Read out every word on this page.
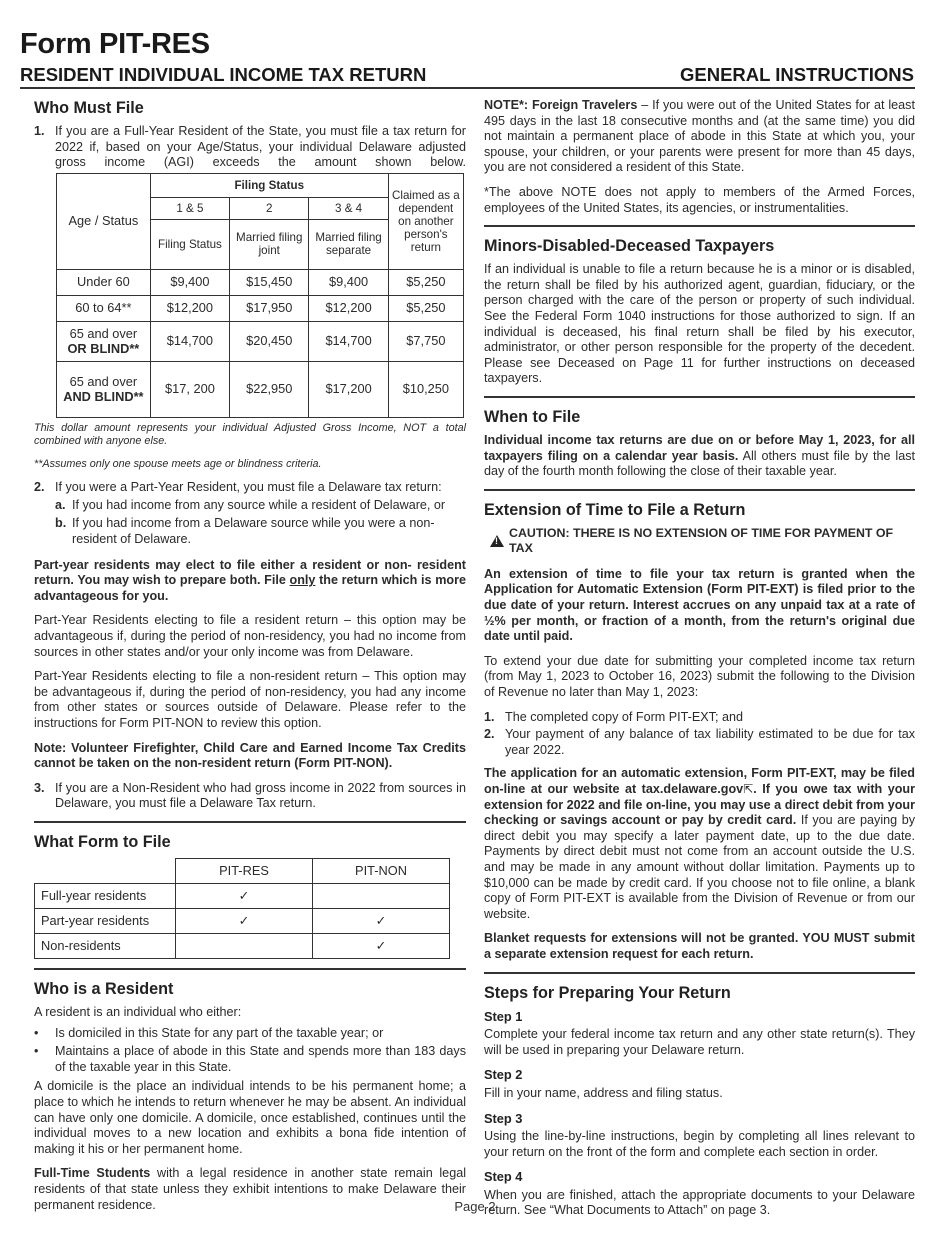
Form PIT-RES
RESIDENT INDIVIDUAL INCOME TAX RETURN	GENERAL INSTRUCTIONS
Who Must File
1. If you are a Full-Year Resident of the State, you must file a tax return for 2022 if, based on your Age/Status, your individual Delaware adjusted gross income (AGI) exceeds the amount shown below.
Age / Status	Filing Status			Claimed as a dependent on another person's return
	1 & 5	2	3 & 4	
	Filing Status	Married filing joint	Married filing separate	
Under 60	$9,400	$15,450	$9,400	$5,250
60 to 64**	$12,200	$17,950	$12,200	$5,250
65 and over
OR BLIND**	$14,700	$20,450	$14,700	$7,750
65 and over
AND BLIND**	$17, 200	$22,950	$17,200	$10,250

This dollar amount represents your individual Adjusted Gross Income, NOT a total combined with anyone else.

**Assumes only one spouse meets age or blindness criteria.

2. If you were a Part-Year Resident, you must file a Delaware tax return:
a. If you had income from any source while a resident of Delaware, or
b. If you had income from a Delaware source while you were a non-resident of Delaware.

Part-year residents may elect to file either a resident or non- resident return. You may wish to prepare both. File only the return which is more advantageous for you.

Part-Year Residents electing to file a resident return – this option may be advantageous if, during the period of non-residency, you had no income from sources in other states and/or your only income was from Delaware.

Part-Year Residents electing to file a non-resident return – This option may be advantageous if, during the period of non-residency, you had any income from other states or sources outside of Delaware. Please refer to the instructions for Form PIT-NON to review this option.

Note: Volunteer Firefighter, Child Care and Earned Income Tax Credits cannot be taken on the non-resident return (Form PIT-NON).

3. If you are a Non-Resident who had gross income in 2022 from sources in Delaware, you must file a Delaware Tax return.
What Form to File
	PIT-RES	PIT-NON
Full-year residents	✓	
Part-year residents	✓	✓
Non-residents		✓
Who is a Resident

A resident is an individual who either:

•	Is domiciled in this State for any part of the taxable year; or
•	Maintains a place of abode in this State and spends more than 183 days of the taxable year in this State.

A domicile is the place an individual intends to be his permanent home; a place to which he intends to return whenever he may be absent. An individual can have only one domicile. A domicile, once established, continues until the individual moves to a new location and exhibits a bona fide intention of making it his or her permanent home.

Full-Time Students with a legal residence in another state remain legal residents of that state unless they exhibit intentions to make Delaware their permanent residence.

NOTE*: Foreign Travelers – If you were out of the United States for at least 495 days in the last 18 consecutive months and (at the same time) you did not maintain a permanent place of abode in this State at which you, your spouse, your children, or your parents were present for more than 45 days, you are not considered a resident of this State.

*The above NOTE does not apply to members of the Armed Forces, employees of the United States, its agencies, or instrumentalities.

Minors-Disabled-Deceased Taxpayers

If an individual is unable to file a return because he is a minor or is disabled, the return shall be filed by his authorized agent, guardian, fiduciary, or the person charged with the care of the person or property of such individual. See the Federal Form 1040 instructions for those authorized to sign. If an individual is deceased, his final return shall be filed by his executor, administrator, or other person responsible for the property of the decedent. Please see Deceased on Page 11 for further instructions on deceased taxpayers.

When to File

Individual income tax returns are due on or before May 1, 2023, for all taxpayers filing on a calendar year basis. All others must file by the last day of the fourth month following the close of their taxable year.

Extension of Time to File a Return
!
CAUTION: THERE IS NO EXTENSION OF TIME FOR PAYMENT OF TAX

An extension of time to file your tax return is granted when the Application for Automatic Extension (Form PIT-EXT) is filed prior to the due date of your return. Interest accrues on any unpaid tax at a rate of ½% per month, or fraction of a month, from the return's original due date until paid.

To extend your due date for submitting your completed income tax return (from May 1, 2023 to October 16, 2023) submit the following to the Division of Revenue no later than May 1, 2023:

1. The completed copy of Form PIT-EXT; and
2. Your payment of any balance of tax liability estimated to be due for tax year 2022.

The application for an automatic extension, Form PIT-EXT, may be filed on-line at our website at tax.delaware.gov⇱. If you owe tax with your extension for 2022 and file on-line, you may use a direct debit from your checking or savings account or pay by credit card. If you are paying by direct debit you may specify a later payment date, up to the due date. Payments by direct debit must not come from an account outside the U.S. and may be made in any amount without dollar limitation. Payments up to $10,000 can be made by credit card. If you choose not to file online, a blank copy of Form PIT-EXT is available from the Division of Revenue or from our website.

Blanket requests for extensions will not be granted. YOU MUST submit a separate extension request for each return.

Steps for Preparing Your Return
Step 1

Complete your federal income tax return and any other state return(s). They will be used in preparing your Delaware return.

Step 2

Fill in your name, address and filing status.

Step 3

Using the line-by-line instructions, begin by completing all lines relevant to your return on the front of the form and complete each section in order.

Step 4

When you are finished, attach the appropriate documents to your Delaware return. See “What Documents to Attach” on page 3.

Page 2
